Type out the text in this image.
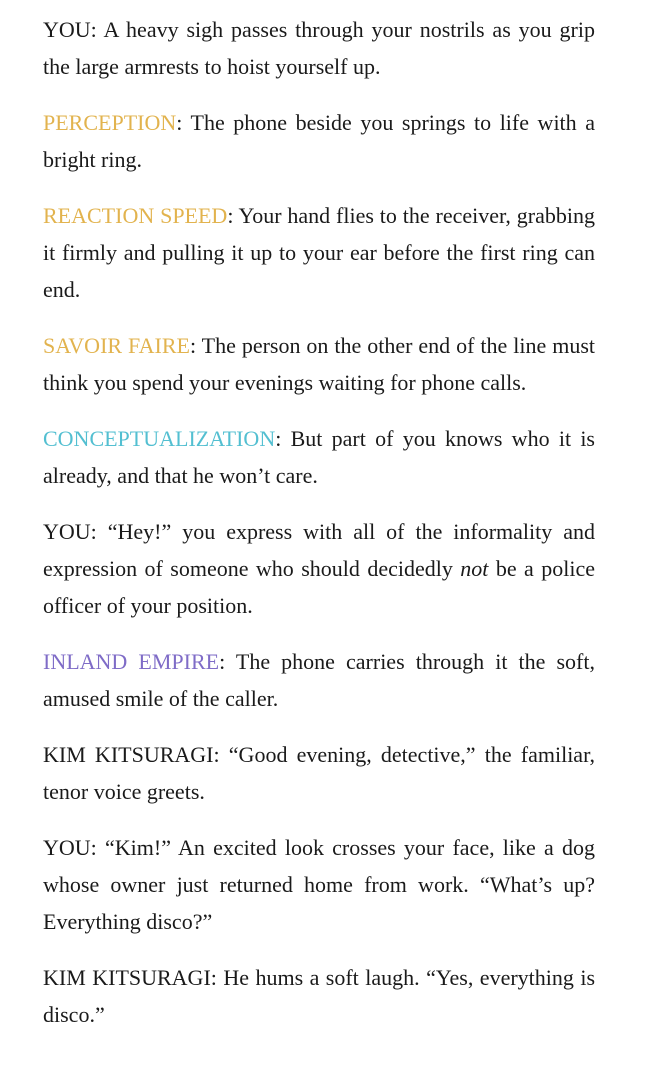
YOU: A heavy sigh passes through your nostrils as you grip the large armrests to hoist yourself up.

PERCEPTION: The phone beside you springs to life with a bright ring.

REACTION SPEED: Your hand flies to the receiver, grabbing it firmly and pulling it up to your ear before the first ring can end.

SAVOIR FAIRE: The person on the other end of the line must think you spend your evenings waiting for phone calls.

CONCEPTUALIZATION: But part of you knows who it is already, and that he won’t care.

YOU: “Hey!” you express with all of the informality and expression of someone who should decidedly not be a police officer of your position.

INLAND EMPIRE: The phone carries through it the soft, amused smile of the caller.

KIM KITSURAGI: “Good evening, detective,” the familiar, tenor voice greets.

YOU: “Kim!” An excited look crosses your face, like a dog whose owner just returned home from work. “What’s up? Everything disco?”

KIM KITSURAGI: He hums a soft laugh. “Yes, everything is disco.”
